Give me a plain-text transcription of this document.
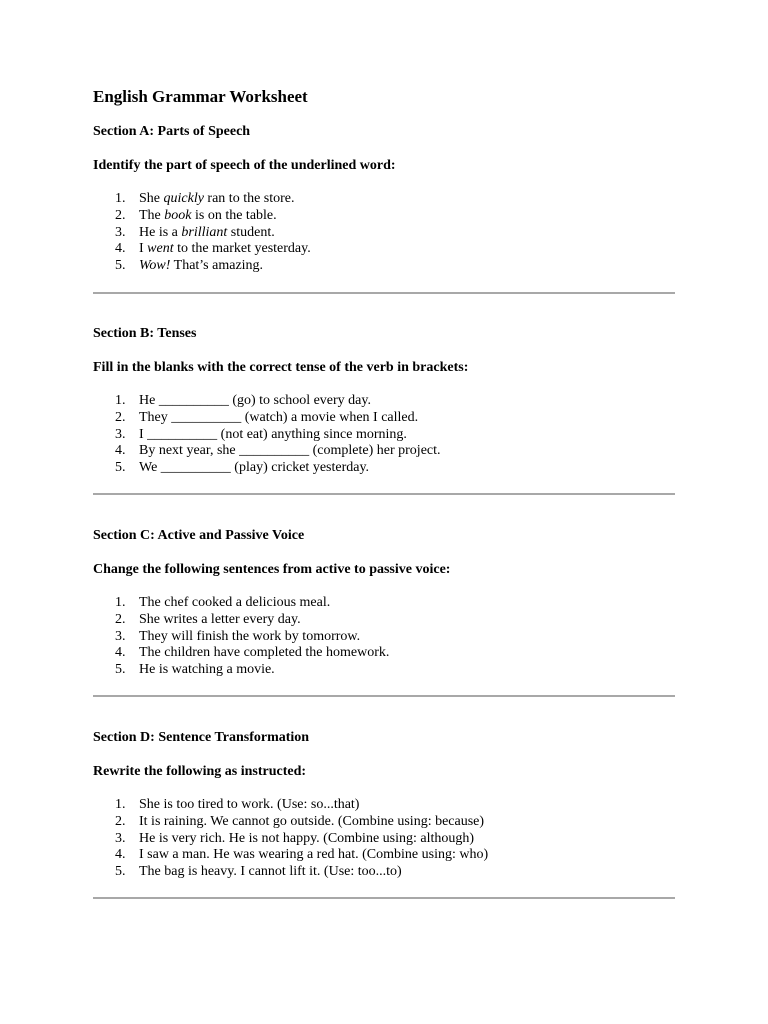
English Grammar Worksheet
Section A: Parts of Speech

Identify the part of speech of the underlined word:

1. She quickly ran to the store.
2. The book is on the table.
3. He is a brilliant student.
4. I went to the market yesterday.
5. Wow! That’s amazing.
Section B: Tenses

Fill in the blanks with the correct tense of the verb in brackets:

1. He __________ (go) to school every day.
2. They __________ (watch) a movie when I called.
3. I __________ (not eat) anything since morning.
4. By next year, she __________ (complete) her project.
5. We __________ (play) cricket yesterday.
Section C: Active and Passive Voice

Change the following sentences from active to passive voice:

1. The chef cooked a delicious meal.
2. She writes a letter every day.
3. They will finish the work by tomorrow.
4. The children have completed the homework.
5. He is watching a movie.
Section D: Sentence Transformation

Rewrite the following as instructed:

1. She is too tired to work. (Use: so...that)
2. It is raining. We cannot go outside. (Combine using: because)
3. He is very rich. He is not happy. (Combine using: although)
4. I saw a man. He was wearing a red hat. (Combine using: who)
5. The bag is heavy. I cannot lift it. (Use: too...to)
